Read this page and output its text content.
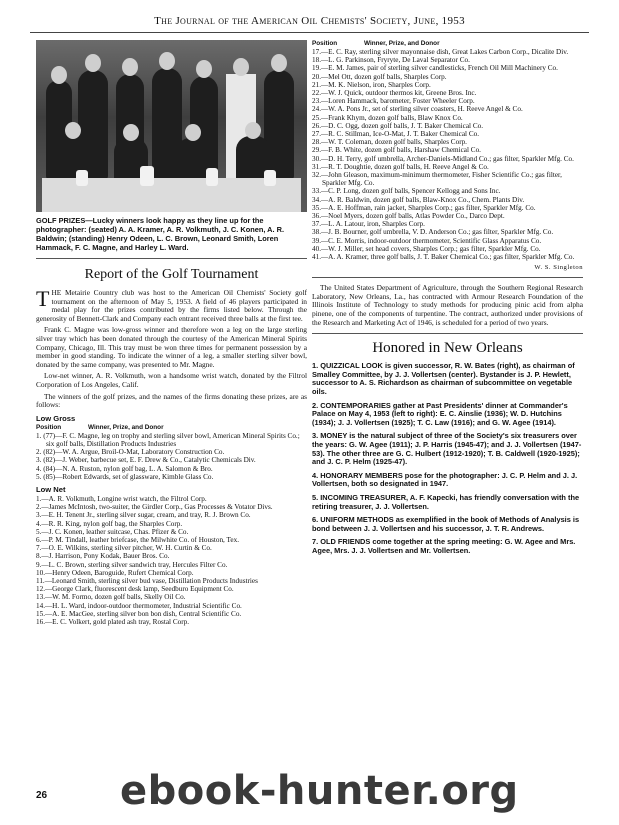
The Journal of the American Oil Chemists' Society, June, 1953
GOLF PRIZES—Lucky winners look happy as they line up for the photographer: (seated) A. A. Kramer, A. R. Volkmuth, J. C. Konen, A. R. Baldwin; (standing) Henry Odeen, L. C. Brown, Leonard Smith, Loren Hammack, F. C. Magne, and Harley L. Ward.
Report of the Golf Tournament

THE Metairie Country club was host to the American Oil Chemists' Society golf tournament on the afternoon of May 5, 1953. A field of 46 players participated in medal play for the prizes contributed by the firms listed below. Through the generosity of Bennett-Clark and Company each entrant received three balls at the first tee.

Frank C. Magne was low-gross winner and therefore won a leg on the large sterling silver tray which has been donated through the courtesy of the American Mineral Spirits Company, Chicago, Ill. This tray must be won three times for permanent possession by a member in good standing. To indicate the winner of a leg, a smaller sterling silver bowl, donated by the same company, was presented to Mr. Magne.

Low-net winner, A. R. Volkmuth, won a handsome wrist watch, donated by the Filtrol Corporation of Los Angeles, Calif.

The winners of the golf prizes, and the names of the firms donating these prizes, are as follows:

Low Gross
Position	Winner, Prize, and Donor
1. (77)—F. C. Magne, leg on trophy and sterling silver bowl, American Mineral Spirits Co.; six golf balls, Distillation Products Industries
2. (82)—W. A. Argue, Broil-O-Mat, Laboratory Construction Co.
3. (82)—J. Weber, barbecue set, E. F. Drew & Co., Catalytic Chemicals Div.
4. (84)—N. A. Ruston, nylon golf bag, L. A. Salomon & Bro.
5. (85)—Robert Edwards, set of glassware, Kimble Glass Co.
Low Net
1.—A. R. Volkmuth, Longine wrist watch, the Filtrol Corp.
2.—James McIntosh, two-suiter, the Girdler Corp., Gas Processes & Votator Divs.
3.—E. H. Tenent Jr., sterling silver sugar, cream, and tray, R. J. Brown Co.
4.—R. R. King, nylon golf bag, the Sharples Corp.
5.—J. C. Konen, leather suitcase, Chas. Pfizer & Co.
6.—P. M. Tindall, leather briefcase, the Milwhite Co. of Houston, Tex.
7.—O. E. Wilkins, sterling silver pitcher, W. H. Curtin & Co.
8.—J. Harrison, Pony Kodak, Bauer Bros. Co.
9.—L. C. Brown, sterling silver sandwich tray, Hercules Filter Co.
10.—Henry Odeen, Baroguide, Rufert Chemical Corp.
11.—Leonard Smith, sterling silver bud vase, Distillation Products Industries
12.—George Clark, fluorescent desk lamp, Seedburo Equipment Co.
13.—W. M. Formo, dozen golf balls, Skelly Oil Co.
14.—H. L. Ward, indoor-outdoor thermometer, Industrial Scientific Co.
15.—A. E. MacGee, sterling silver bon bon dish, Central Scientific Co.
16.—E. C. Volkert, gold plated ash tray, Rostal Corp.
Position	Winner, Prize, and Donor
17.—E. C. Ray, sterling silver mayonnaise dish, Great Lakes Carbon Corp., Dicalite Div.
18.—L. G. Parkinson, Fryryte, De Laval Separator Co.
19.—E. M. James, pair of sterling silver candlesticks, French Oil Mill Machinery Co.
20.—Mel Ott, dozen golf balls, Sharples Corp.
21.—M. K. Nielson, iron, Sharples Corp.
22.—W. J. Quick, outdoor thermos kit, Greene Bros. Inc.
23.—Loren Hammack, barometer, Foster Wheeler Corp.
24.—W. A. Pons Jr., set of sterling silver coasters, H. Reeve Angel & Co.
25.—Frank Khym, dozen golf balls, Blaw Knox Co.
26.—D. C. Ogg, dozen golf balls, J. T. Baker Chemical Co.
27.—R. C. Stillman, Ice-O-Mat, J. T. Baker Chemical Co.
28.—W. T. Coleman, dozen golf balls, Sharples Corp.
29.—F. B. White, dozen golf balls, Harshaw Chemical Co.
30.—D. H. Terry, golf umbrella, Archer-Daniels-Midland Co.; gas filter, Sparkler Mfg. Co.
31.—R. T. Doughtie, dozen golf balls, H. Reeve Angel & Co.
32.—John Gleason, maximum-minimum thermometer, Fisher Scientific Co.; gas filter, Sparkler Mfg. Co.
33.—C. P. Long, dozen golf balls, Spencer Kellogg and Sons Inc.
34.—A. R. Baldwin, dozen golf balls, Blaw-Knox Co., Chem. Plants Div.
35.—A. E. Hoffman, rain jacket, Sharples Corp.; gas filter, Sparkler Mfg. Co.
36.—Noel Myers, dozen golf balls, Atlas Powder Co., Darco Dept.
37.—L. A. Latour, iron, Sharples Corp.
38.—J. B. Bourner, golf umbrella, V. D. Anderson Co.; gas filter, Sparkler Mfg. Co.
39.—C. E. Morris, indoor-outdoor thermometer, Scientific Glass Apparatus Co.
40.—W. J. Miller, set head covers, Sharples Corp.; gas filter, Sparkler Mfg. Co.
41.—A. A. Kramer, three golf balls, J. T. Baker Chemical Co.; gas filter, Sparkler Mfg. Co.
W. S. Singleton

The United States Department of Agriculture, through the Southern Regional Research Laboratory, New Orleans, La., has contracted with Armour Research Foundation of the Illinois Institute of Technology to study methods for producing pinic acid from alpha pinene, one of the components of turpentine. The contract, authorized under provisions of the Research and Marketing Act of 1946, is scheduled for a period of two years.

Honored in New Orleans
1. QUIZZICAL LOOK is given successor, R. W. Bates (right), as chairman of Smalley Committee, by J. J. Vollertsen (center). Bystander is J. P. Hewlett, successor to A. S. Richardson as chairman of subcommittee on vegetable oils.
2. CONTEMPORARIES gather at Past Presidents' dinner at Commander's Palace on May 4, 1953 (left to right): E. C. Ainslie (1936); W. D. Hutchins (1934); J. J. Vollertsen (1925); T. C. Law (1916); and G. W. Agee (1914).
3. MONEY is the natural subject of three of the Society's six treasurers over the years: G. W. Agee (1911); J. P. Harris (1945-47); and J. J. Vollertsen (1947-53). The other three are G. C. Hulbert (1912-1920); T. B. Caldwell (1920-1925); and J. C. P. Helm (1925-47).
4. HONORARY MEMBERS pose for the photographer: J. C. P. Helm and J. J. Vollertsen, both so designated in 1947.
5. INCOMING TREASURER, A. F. Kapecki, has friendly conversation with the retiring treasurer, J. J. Vollertsen.
6. UNIFORM METHODS as exemplified in the book of Methods of Analysis is bond between J. J. Vollertsen and his successor, J. T. R. Andrews.
7. OLD FRIENDS come together at the spring meeting: G. W. Agee and Mrs. Agee, Mrs. J. J. Vollertsen and Mr. Vollertsen.
26 ebook-hunter.org
